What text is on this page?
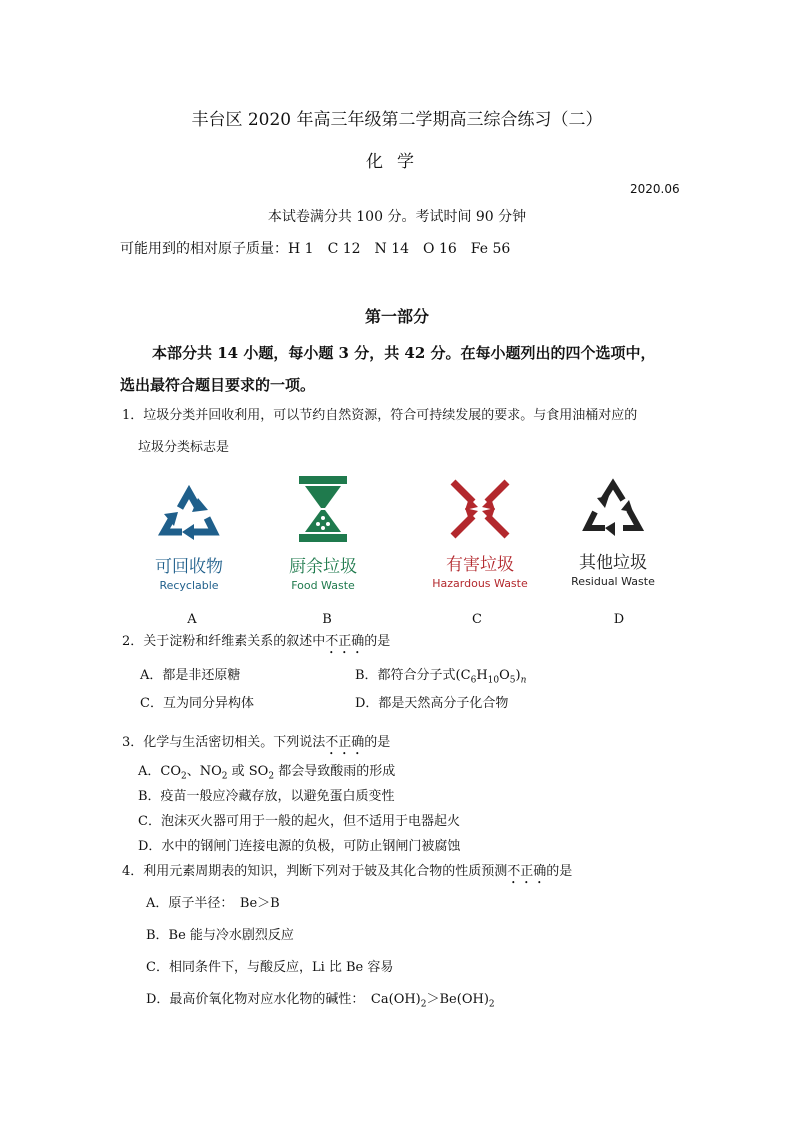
丰台区 2020 年高三年级第二学期高三综合练习（二）
化学
2020.06
本试卷满分共 100 分。考试时间 90 分钟
可能用到的相对原子质量：H 1　C 12　N 14　O 16　Fe 56
第一部分
本部分共 14 小题，每小题 3 分，共 42 分。在每小题列出的四个选项中，
选出最符合题目要求的一项。
1．垃圾分类并回收利用，可以节约自然资源，符合可持续发展的要求。与食用油桶对应的
垃圾分类标志是
可回收物
Recyclable
厨余垃圾
Food Waste
有害垃圾
Hazardous Waste
其他垃圾
Residual Waste
A	B	C	D
2．关于淀粉和纤维素关系的叙述中不正确的是
A．都是非还原糖	B．都符合分子式$(C_6H_{10}O_5)_n$
C．互为同分异构体	D．都是天然高分子化合物
3．化学与生活密切相关。下列说法不正确的是
A．$CO_2$、$NO_2$ 或 $SO_2$ 都会导致酸雨的形成
B．疫苗一般应冷藏存放，以避免蛋白质变性
C．泡沫灭火器可用于一般的起火，但不适用于电器起火
D．水中的钢闸门连接电源的负极，可防止钢闸门被腐蚀
4．利用元素周期表的知识，判断下列对于铍及其化合物的性质预测不正确的是
A．原子半径：　Be＞B
B．Be 能与冷水剧烈反应
C．相同条件下，与酸反应，Li 比 Be 容易
D．最高价氧化物对应水化物的碱性：　$Ca(OH)_2>Be(OH)_2$
